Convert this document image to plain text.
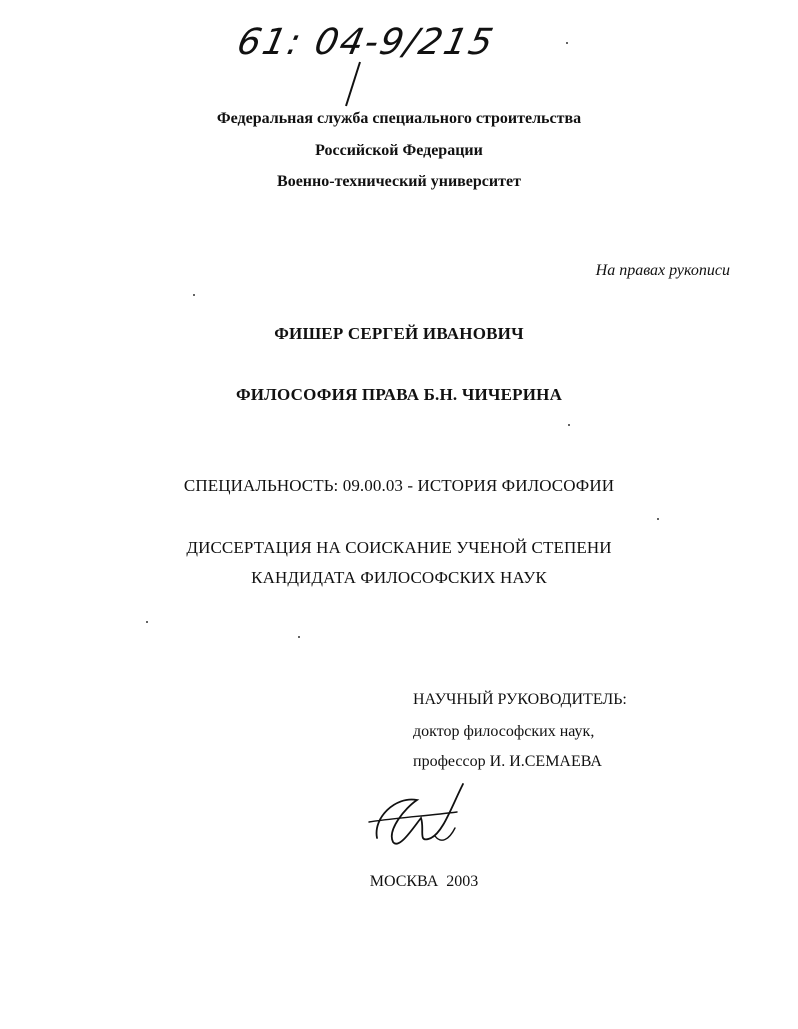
61: 04-9/215
Федеральная служба специального строительства
Российской Федерации
Военно-технический университет
На правах рукописи
ФИШЕР СЕРГЕЙ ИВАНОВИЧ
ФИЛОСОФИЯ ПРАВА Б.Н. ЧИЧЕРИНА
СПЕЦИАЛЬНОСТЬ: 09.00.03 - ИСТОРИЯ ФИЛОСОФИИ
ДИССЕРТАЦИЯ НА СОИСКАНИЕ УЧЕНОЙ СТЕПЕНИ
КАНДИДАТА ФИЛОСОФСКИХ НАУК
НАУЧНЫЙ РУКОВОДИТЕЛЬ:
доктор философских наук,
профессор И. И.СЕМАЕВА
МОСКВА  2003
